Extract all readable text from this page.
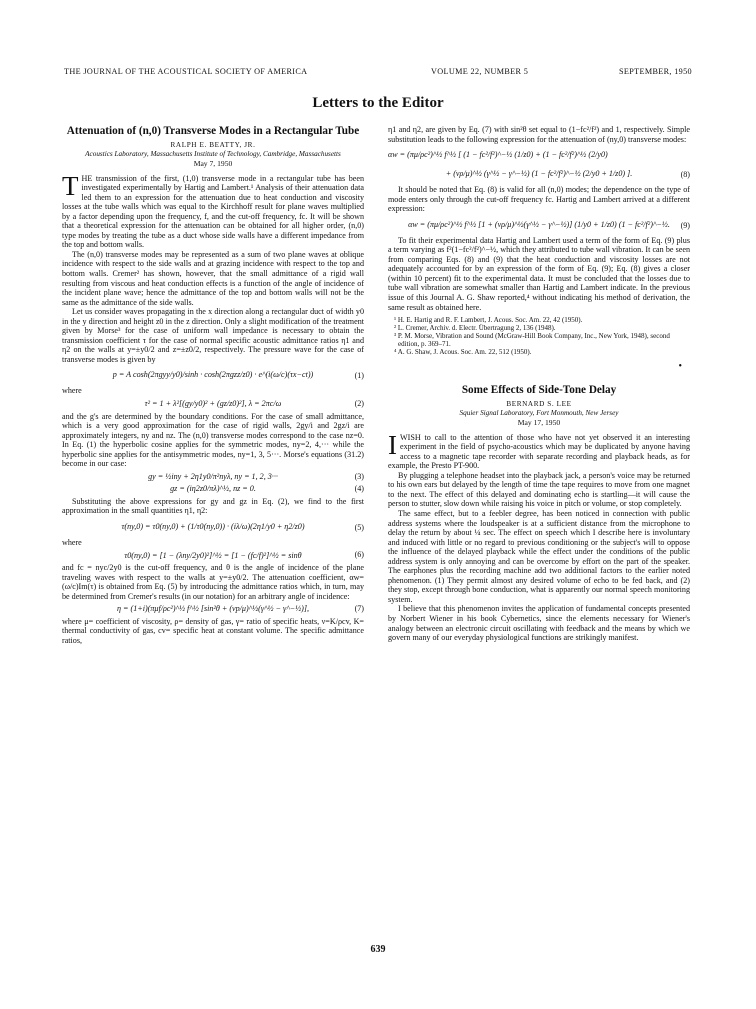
THE JOURNAL OF THE ACOUSTICAL SOCIETY OF AMERICA	VOLUME 22, NUMBER 5	SEPTEMBER, 1950
Letters to the Editor
Attenuation of (n,0) Transverse Modes in a Rectangular Tube
RALPH E. BEATTY, JR.
Acoustics Laboratory, Massachusetts Institute of Technology, Cambridge, Massachusetts
May 7, 1950

THE transmission of the first, (1,0) transverse mode in a rectangular tube has been investigated experimentally by Hartig and Lambert.¹ Analysis of their attenuation data led them to an expression for the attenuation due to heat conduction and viscosity losses at the tube walls which was equal to the Kirchhoff result for plane waves multiplied by a factor depending upon the frequency, f, and the cut-off frequency, fc. It will be shown that a theoretical expression for the attenuation can be obtained for all higher order, (n,0) type modes by treating the tube as a duct whose side walls have a different impedance from the top and bottom walls.

The (n,0) transverse modes may be represented as a sum of two plane waves at oblique incidence with respect to the side walls and at grazing incidence with respect to the top and bottom walls. Cremer² has shown, however, that the small admittance of a rigid wall resulting from viscous and heat conduction effects is a function of the angle of incidence of the incident plane wave; hence the admittance of the top and bottom walls will not be the same as the admittance of the side walls.

Let us consider waves propagating in the x direction along a rectangular duct of width y0 in the y direction and height z0 in the z direction. Only a slight modification of the treatment given by Morse³ for the case of uniform wall impedance is necessary to obtain the transmission coefficient τ for the case of normal specific acoustic admittance ratios η1 and η2 on the walls at y=±y0/2 and z=±z0/2, respectively. The pressure wave for the case of transverse modes is given by

p = A cosh(2πgyy/y0)/sinh · cosh(2πgzz/z0) · e^(i(ω/c)(τx−ct))	(1)

where

τ² = 1 + λ²[(gy/y0)² + (gz/z0)²], λ = 2πc/ω	(2)

and the g's are determined by the boundary conditions. For the case of small admittance, which is a very good approximation for the case of rigid walls, 2gy/i and 2gz/i are approximately integers, ny and nz. The (n,0) transverse modes correspond to the case nz=0. In Eq. (1) the hyperbolic cosine applies for the symmetric modes, ny=2, 4,··· while the hyperbolic sine applies for the antisymmetric modes, ny=1, 3, 5···. Morse's equations (31.2) become in our case:

gy = ½iny + 2η1y0/π²nyλ, ny = 1, 2, 3···	(3)
gz = (iη2z0/πλ)^½, nz = 0.	(4)

Substituting the above expressions for gy and gz in Eq. (2), we find to the first approximation in the small quantities η1, η2:

τ(ny,0) = τ0(ny,0) + (1/τ0(ny,0)) · (iλ/ω)(2η1/y0 + η2/z0)	(5)

where

τ0(ny,0) = [1 − (λny/2y0)²]^½ = [1 − (fc/f)²]^½ = sinθ	(6)

and fc = nyc/2y0 is the cut-off frequency, and θ is the angle of incidence of the plane traveling waves with respect to the walls at y=±y0/2. The attenuation coefficient, αw=(ω/c)Im(τ) is obtained from Eq. (5) by introducing the admittance ratios which, in turn, may be determined from Cremer's results (in our notation) for an arbitrary angle of incidence:

η = (1+i)(πμf/ρc²)^½ f^½ [sin²θ + (νp/μ)^½(γ^½ − γ^−½)],	(7)

where μ= coefficient of viscosity, ρ= density of gas, γ= ratio of specific heats, ν=K/ρcv, K= thermal conductivity of gas, cv= specific heat at constant volume. The specific admittance ratios,

η1 and η2, are given by Eq. (7) with sin²θ set equal to (1−fc²/f²) and 1, respectively. Simple substitution leads to the following expression for the attenuation of (ny,0) transverse modes:

αw = (πμ/ρc²)^½ f^½ [ (1 − fc²/f²)^−½ (1/z0) + (1 − fc²/f²)^½ (2/y0)
+ (νρ/μ)^½ (γ^½ − γ^−½) (1 − fc²/f²)^−½ (2/y0 + 1/z0) ].	(8)

It should be noted that Eq. (8) is valid for all (n,0) modes; the dependence on the type of mode enters only through the cut-off frequency fc. Hartig and Lambert arrived at a different expression:

αw = (πμ/ρc²)^½ f^½ [1 + (νρ/μ)^½(γ^½ − γ^−½)] (1/y0 + 1/z0) (1 − fc²/f²)^−½. (9)

To fit their experimental data Hartig and Lambert used a term of the form of Eq. (9) plus a term varying as f²(1−fc²/f²)^−½, which they attributed to tube wall vibration. It can be seen from comparing Eqs. (8) and (9) that the heat conduction and viscosity losses are not adequately accounted for by an expression of the form of Eq. (9); Eq. (8) gives a closer (within 10 percent) fit to the experimental data. It must be concluded that the losses due to tube wall vibration are somewhat smaller than Hartig and Lambert indicate. In the previous issue of this Journal A. G. Shaw reported,⁴ without indicating his method of derivation, the same result as obtained here.

¹ H. E. Hartig and R. F. Lambert, J. Acous. Soc. Am. 22, 42 (1950).

² L. Cremer, Archiv. d. Electr. Übertragung 2, 136 (1948).

³ P. M. Morse, Vibration and Sound (McGraw-Hill Book Company, Inc., New York, 1948), second edition, p. 369–71.

⁴ A. G. Shaw, J. Acous. Soc. Am. 22, 512 (1950).

•
Some Effects of Side-Tone Delay
BERNARD S. LEE
Squier Signal Laboratory, Fort Monmouth, New Jersey
May 17, 1950

IWISH to call to the attention of those who have not yet observed it an interesting experiment in the field of psycho-acoustics which may be duplicated by anyone having access to a magnetic tape recorder with separate recording and playback heads, as for example, the Presto PT-900.

By plugging a telephone headset into the playback jack, a person's voice may be returned to his own ears but delayed by the length of time the tape requires to move from one magnet to the next. The effect of this delayed and dominating echo is startling—it will cause the person to stutter, slow down while raising his voice in pitch or volume, or stop completely.

The same effect, but to a feebler degree, has been noticed in connection with public address systems where the loudspeaker is at a sufficient distance from the microphone to delay the return by about ¼ sec. The effect on speech which I describe here is involuntary and induced with little or no regard to previous conditioning or the subject's will to oppose the influence of the delayed playback while the effect under the conditions of the public address system is only annoying and can be overcome by effort on the part of the speaker. The earphones plus the recording machine add two additional factors to the earlier noted phenomenon. (1) They permit almost any desired volume of echo to be fed back, and (2) they stop, except through bone conduction, what is apparently our normal speech monitoring system.

I believe that this phenomenon invites the application of fundamental concepts presented by Norbert Wiener in his book Cybernetics, since the elements necessary for Wiener's analogy between an electronic circuit oscillating with feedback and the means by which we govern many of our everyday physiological functions are strikingly manifest.

639
